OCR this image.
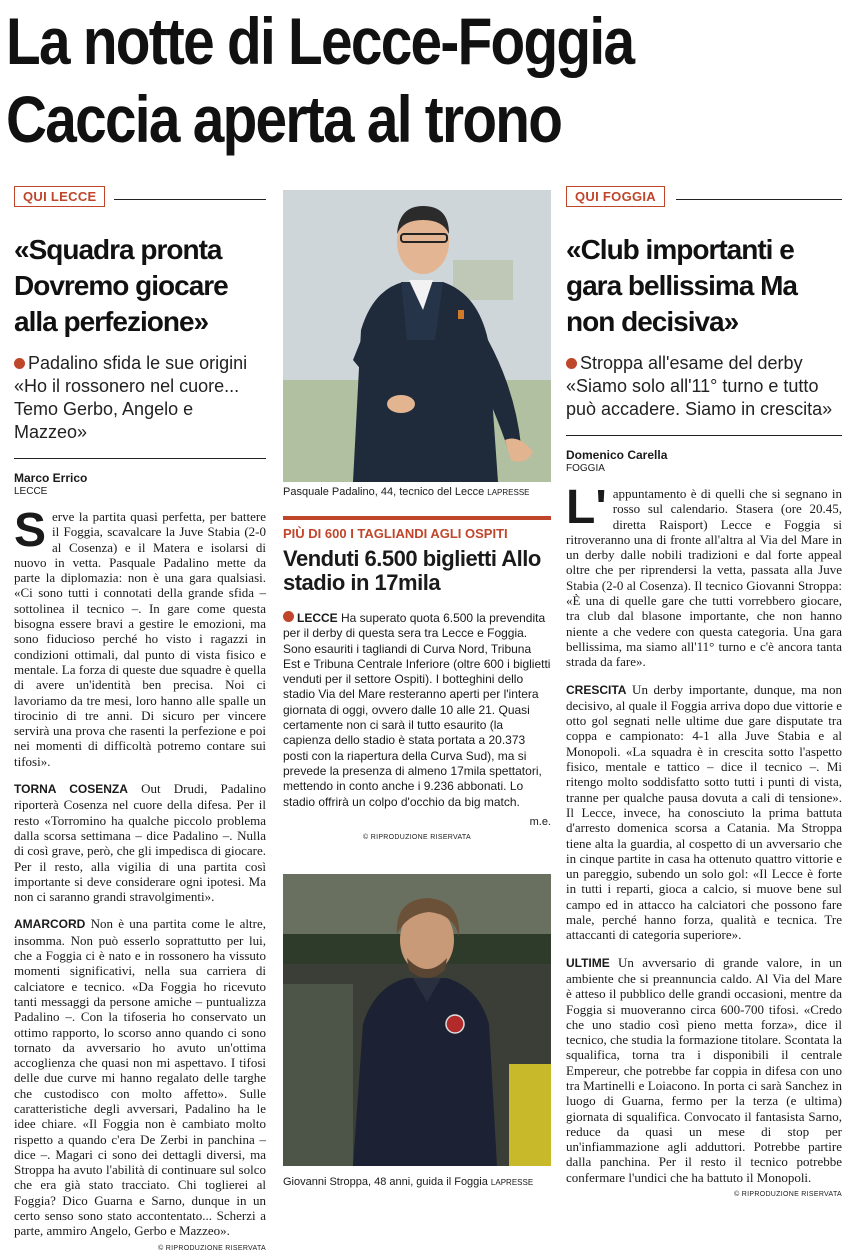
La notte di Lecce-Foggia
Caccia aperta al trono
QUI LECCE
«Squadra pronta Dovremo giocare alla perfezione»
Padalino sfida le sue origini «Ho il rossonero nel cuore... Temo Gerbo, Angelo e Mazzeo»
Marco Errico
LECCE

Serve la partita quasi perfetta, per battere il Foggia, scavalcare la Juve Stabia (2-0 al Cosenza) e il Matera e isolarsi di nuovo in vetta. Pasquale Padalino mette da parte la diplomazia: non è una gara qualsiasi. «Ci sono tutti i connotati della grande sfida – sottolinea il tecnico –. In gare come questa bisogna essere bravi a gestire le emozioni, ma sono fiducioso perché ho visto i ragazzi in condizioni ottimali, dal punto di vista fisico e mentale. La forza di queste due squadre è quella di avere un'identità ben precisa. Noi ci lavoriamo da tre mesi, loro hanno alle spalle un tirocinio di tre anni. Di sicuro per vincere servirà una prova che rasenti la perfezione e poi nei momenti di difficoltà potremo contare sui tifosi».

TORNA COSENZA Out Drudi, Padalino riporterà Cosenza nel cuore della difesa. Per il resto «Torromino ha qualche piccolo problema dalla scorsa settimana – dice Padalino –. Nulla di così grave, però, che gli impedisca di giocare. Per il resto, alla vigilia di una partita così importante si deve considerare ogni ipotesi. Ma non ci saranno grandi stravolgimenti».

AMARCORD Non è una partita come le altre, insomma. Non può esserlo soprattutto per lui, che a Foggia ci è nato e in rossonero ha vissuto momenti significativi, nella sua carriera di calciatore e tecnico. «Da Foggia ho ricevuto tanti messaggi da persone amiche – puntualizza Padalino –. Con la tifoseria ho conservato un ottimo rapporto, lo scorso anno quando ci sono tornato da avversario ho avuto un'ottima accoglienza che quasi non mi aspettavo. I tifosi delle due curve mi hanno regalato delle targhe che custodisco con molto affetto». Sulle caratteristiche degli avversari, Padalino ha le idee chiare. «Il Foggia non è cambiato molto rispetto a quando c'era De Zerbi in panchina – dice –. Magari ci sono dei dettagli diversi, ma Stroppa ha avuto l'abilità di continuare sul solco che era già stato tracciato. Chi toglierei al Foggia? Dico Guarna e Sarno, dunque in un certo senso sono stato accontentato... Scherzi a parte, ammiro Angelo, Gerbo e Mazzeo».

© RIPRODUZIONE RISERVATA
Pasquale Padalino, 44, tecnico del Lecce LAPRESSE
PIÙ DI 600 I TAGLIANDI AGLI OSPITI
Venduti 6.500 biglietti Allo stadio in 17mila
LECCE Ha superato quota 6.500 la prevendita per il derby di questa sera tra Lecce e Foggia. Sono esauriti i tagliandi di Curva Nord, Tribuna Est e Tribuna Centrale Inferiore (oltre 600 i biglietti venduti per il settore Ospiti). I botteghini dello stadio Via del Mare resteranno aperti per l'intera giornata di oggi, ovvero dalle 10 alle 21. Quasi certamente non ci sarà il tutto esaurito (la capienza dello stadio è stata portata a 20.373 posti con la riapertura della Curva Sud), ma si prevede la presenza di almeno 17mila spettatori, mettendo in conto anche i 9.236 abbonati. Lo stadio offrirà un colpo d'occhio da big match.
m.e.
© RIPRODUZIONE RISERVATA
Giovanni Stroppa, 48 anni, guida il Foggia LAPRESSE
QUI FOGGIA
«Club importanti e gara bellissima Ma non decisiva»
Stroppa all'esame del derby «Siamo solo all'11° turno e tutto può accadere. Siamo in crescita»
Domenico Carella
FOGGIA

L' appuntamento è di quelli che si segnano in rosso sul calendario. Stasera (ore 20.45, diretta Raisport) Lecce e Foggia si ritroveranno una di fronte all'altra al Via del Mare in un derby dalle nobili tradizioni e dal forte appeal oltre che per riprendersi la vetta, passata alla Juve Stabia (2-0 al Cosenza). Il tecnico Giovanni Stroppa: «È una di quelle gare che tutti vorrebbero giocare, tra club dal blasone importante, che non hanno niente a che vedere con questa categoria. Una gara bellissima, ma siamo all'11° turno e c'è ancora tanta strada da fare».

CRESCITA Un derby importante, dunque, ma non decisivo, al quale il Foggia arriva dopo due vittorie e otto gol segnati nelle ultime due gare disputate tra coppa e campionato: 4-1 alla Juve Stabia e al Monopoli. «La squadra è in crescita sotto l'aspetto fisico, mentale e tattico – dice il tecnico –. Mi ritengo molto soddisfatto sotto tutti i punti di vista, tranne per qualche pausa dovuta a cali di tensione». Il Lecce, invece, ha conosciuto la prima battuta d'arresto domenica scorsa a Catania. Ma Stroppa tiene alta la guardia, al cospetto di un avversario che in cinque partite in casa ha ottenuto quattro vittorie e un pareggio, subendo un solo gol: «Il Lecce è forte in tutti i reparti, gioca a calcio, si muove bene sul campo ed in attacco ha calciatori che possono fare male, perché hanno forza, qualità e tecnica. Tre attaccanti di categoria superiore».

ULTIME Un avversario di grande valore, in un ambiente che si preannuncia caldo. Al Via del Mare è atteso il pubblico delle grandi occasioni, mentre da Foggia si muoveranno circa 600-700 tifosi. «Credo che uno stadio così pieno metta forza», dice il tecnico, che studia la formazione titolare. Scontata la squalifica, torna tra i disponibili il centrale Empereur, che potrebbe far coppia in difesa con uno tra Martinelli e Loiacono. In porta ci sarà Sanchez in luogo di Guarna, fermo per la terza (e ultima) giornata di squalifica. Convocato il fantasista Sarno, reduce da quasi un mese di stop per un'infiammazione agli adduttori. Potrebbe partire dalla panchina. Per il resto il tecnico potrebbe confermare l'undici che ha battuto il Monopoli.

© RIPRODUZIONE RISERVATA
